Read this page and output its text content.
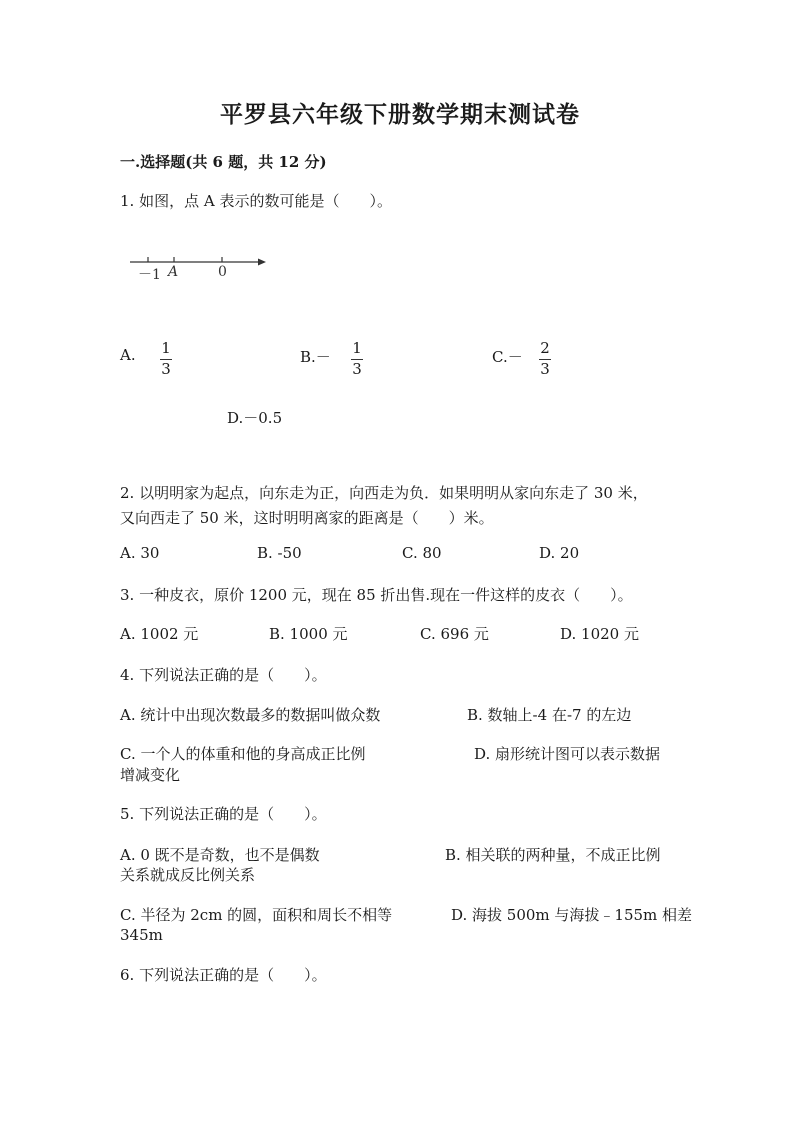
平罗县六年级下册数学期末测试卷
一.选择题(共 6 题，共 12 分)
1. 如图，点 A 表示的数可能是（　　）。
－1 A	0
A. 1
3
B.－ 1
3
C.－ 2
3
D.－0.5
2. 以明明家为起点，向东走为正，向西走为负．如果明明从家向东走了 30 米，
又向西走了 50 米，这时明明离家的距离是（　　）米。
A. 30	B. -50	C. 80	D. 20
3. 一种皮衣，原价 1200 元，现在 85 折出售.现在一件这样的皮衣（　　）。
A. 1002 元	B. 1000 元	C. 696 元	D. 1020 元
4. 下列说法正确的是（　　）。
A. 统计中出现次数最多的数据叫做众数	B. 数轴上-4 在-7 的左边
C. 一个人的体重和他的身高成正比例	D. 扇形统计图可以表示数据
增减变化
5. 下列说法正确的是（　　）。
A. 0 既不是奇数，也不是偶数	B. 相关联的两种量，不成正比例
关系就成反比例关系
C. 半径为 2cm 的圆，面积和周长不相等	D. 海拔 500m 与海拔﹣155m 相差
345m
6. 下列说法正确的是（　　）。
